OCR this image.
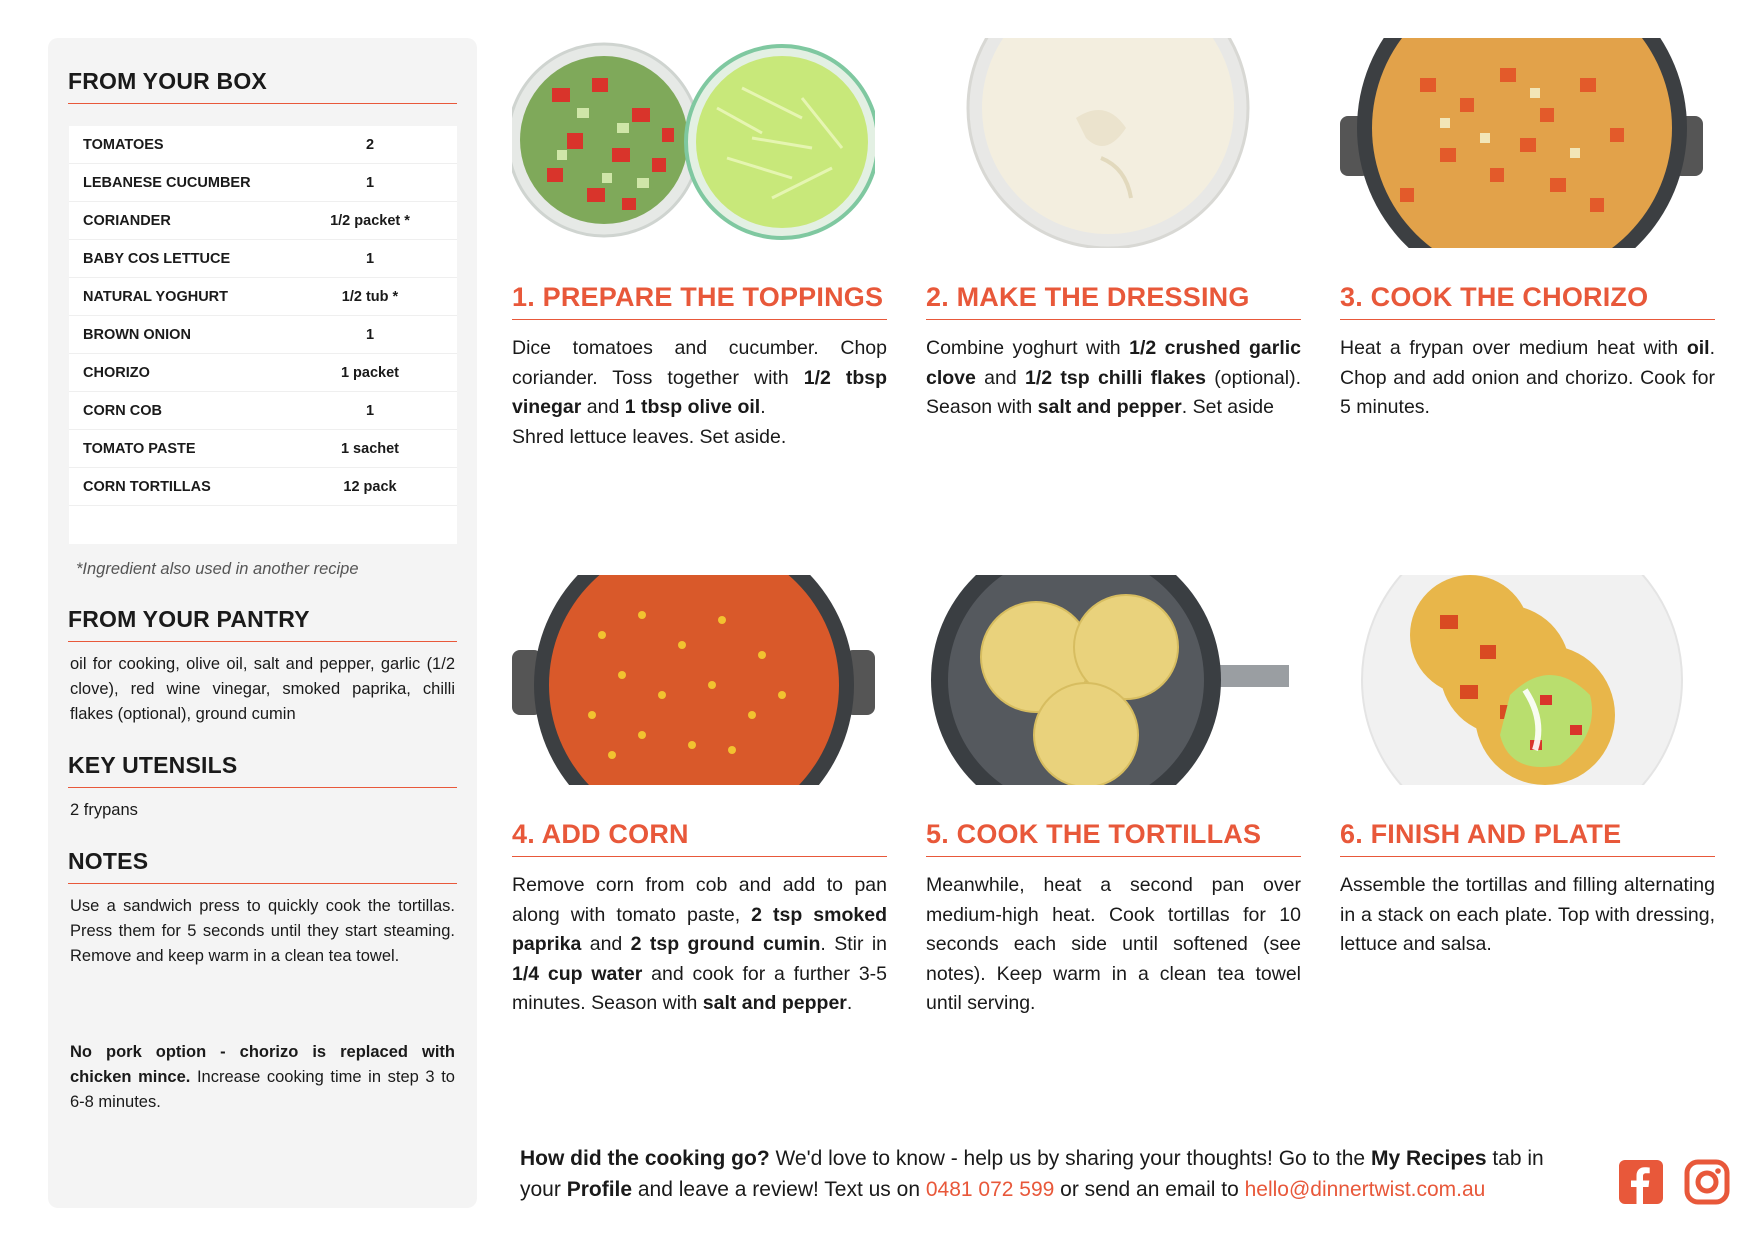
FROM YOUR BOX
TOMATOES	2
LEBANESE CUCUMBER	1
CORIANDER	1/2 packet *
BABY COS LETTUCE	1
NATURAL YOGHURT	1/2 tub *
BROWN ONION	1
CHORIZO	1 packet
CORN COB	1
TOMATO PASTE	1 sachet
CORN TORTILLAS	12 pack
*Ingredient also used in another recipe
FROM YOUR PANTRY

oil for cooking, olive oil, salt and pepper, garlic (1/2 clove), red wine vinegar, smoked paprika, chilli flakes (optional), ground cumin

KEY UTENSILS

2 frypans

NOTES

Use a sandwich press to quickly cook the tortillas. Press them for 5 seconds until they start steaming. Remove and keep warm in a clean tea towel.

No pork option - chorizo is replaced with chicken mince. Increase cooking time in step 3 to 6-8 minutes.

1. PREPARE THE TOPPINGS
Dice tomatoes and cucumber. Chop coriander. Toss together with 1/2 tbsp vinegar and 1 tbsp olive oil.
Shred lettuce leaves. Set aside.
2. MAKE THE DRESSING
Combine yoghurt with 1/2 crushed garlic clove and 1/2 tsp chilli flakes (optional). Season with salt and pepper. Set aside
3. COOK THE CHORIZO
Heat a frypan over medium heat with oil. Chop and add onion and chorizo. Cook for 5 minutes.
4. ADD CORN
Remove corn from cob and add to pan along with tomato paste, 2 tsp smoked paprika and 2 tsp ground cumin. Stir in 1/4 cup water and cook for a further 3-5 minutes. Season with salt and pepper.
5. COOK THE TORTILLAS
Meanwhile, heat a second pan over medium-high heat. Cook tortillas for 10 seconds each side until softened (see notes). Keep warm in a clean tea towel until serving.
6. FINISH AND PLATE
Assemble the tortillas and filling alternating in a stack on each plate. Top with dressing, lettuce and salsa.
How did the cooking go? We'd love to know - help us by sharing your thoughts! Go to the My Recipes tab in your Profile and leave a review! Text us on 0481 072 599 or send an email to hello@dinnertwist.com.au
